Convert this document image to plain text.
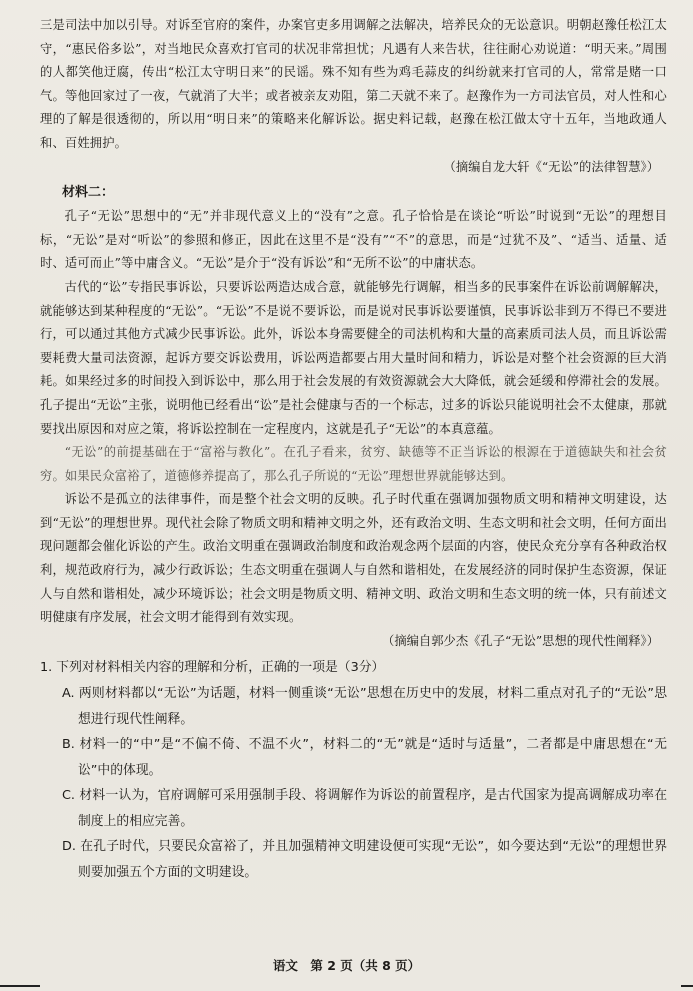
三是司法中加以引导。对诉至官府的案件，办案官吏多用调解之法解决，培养民众的无讼意识。明朝赵豫任松江太守，“惠民俗多讼”，对当地民众喜欢打官司的状况非常担忧；凡遇有人来告状，往往耐心劝说道：“明天来。”周围的人都笑他迂腐，传出“松江太守明日来”的民谣。殊不知有些为鸡毛蒜皮的纠纷就来打官司的人，常常是赌一口气。等他回家过了一夜，气就消了大半；或者被亲友劝阻，第二天就不来了。赵豫作为一方司法官员，对人性和心理的了解是很透彻的，所以用“明日来”的策略来化解诉讼。据史料记载，赵豫在松江做太守十五年，当地政通人和、百姓拥护。

（摘编自龙大轩《“无讼”的法律智慧》）

材料二：

孔子“无讼”思想中的“无”并非现代意义上的“没有”之意。孔子恰恰是在谈论“听讼”时说到“无讼”的理想目标，“无讼”是对“听讼”的参照和修正，因此在这里不是“没有”“不”的意思，而是“过犹不及”、“适当、适量、适时、适可而止”等中庸含义。“无讼”是介于“没有诉讼”和“无所不讼”的中庸状态。

古代的“讼”专指民事诉讼，只要诉讼两造达成合意，就能够先行调解，相当多的民事案件在诉讼前调解解决，就能够达到某种程度的“无讼”。“无讼”不是说不要诉讼，而是说对民事诉讼要谨慎，民事诉讼非到万不得已不要进行，可以通过其他方式减少民事诉讼。此外，诉讼本身需要健全的司法机构和大量的高素质司法人员，而且诉讼需要耗费大量司法资源，起诉方要交诉讼费用，诉讼两造都要占用大量时间和精力，诉讼是对整个社会资源的巨大消耗。如果经过多的时间投入到诉讼中，那么用于社会发展的有效资源就会大大降低，就会延缓和停滞社会的发展。孔子提出“无讼”主张，说明他已经看出“讼”是社会健康与否的一个标志，过多的诉讼只能说明社会不太健康，那就要找出原因和对应之策，将诉讼控制在一定程度内，这就是孔子“无讼”的本真意蕴。

“无讼”的前提基础在于“富裕与教化”。在孔子看来，贫穷、缺德等不正当诉讼的根源在于道德缺失和社会贫穷。如果民众富裕了，道德修养提高了，那么孔子所说的“无讼”理想世界就能够达到。

诉讼不是孤立的法律事件，而是整个社会文明的反映。孔子时代重在强调加强物质文明和精神文明建设，达到“无讼”的理想世界。现代社会除了物质文明和精神文明之外，还有政治文明、生态文明和社会文明，任何方面出现问题都会催化诉讼的产生。政治文明重在强调政治制度和政治观念两个层面的内容，使民众充分享有各种政治权利，规范政府行为，减少行政诉讼；生态文明重在强调人与自然和谐相处，在发展经济的同时保护生态资源，保证人与自然和谐相处，减少环境诉讼；社会文明是物质文明、精神文明、政治文明和生态文明的统一体，只有前述文明健康有序发展，社会文明才能得到有效实现。

（摘编自郭少杰《孔子“无讼”思想的现代性阐释》）

1. 下列对材料相关内容的理解和分析，正确的一项是（3分）

A. 两则材料都以“无讼”为话题，材料一侧重谈“无讼”思想在历史中的发展，材料二重点对孔子的“无讼”思想进行现代性阐释。

B. 材料一的“中”是“不偏不倚、不温不火”，材料二的“无”就是“适时与适量”，二者都是中庸思想在“无讼”中的体现。

C. 材料一认为，官府调解可采用强制手段、将调解作为诉讼的前置程序，是古代国家为提高调解成功率在制度上的相应完善。

D. 在孔子时代，只要民众富裕了，并且加强精神文明建设便可实现“无讼”，如今要达到“无讼”的理想世界则要加强五个方面的文明建设。

语文　第 2 页（共 8 页）
